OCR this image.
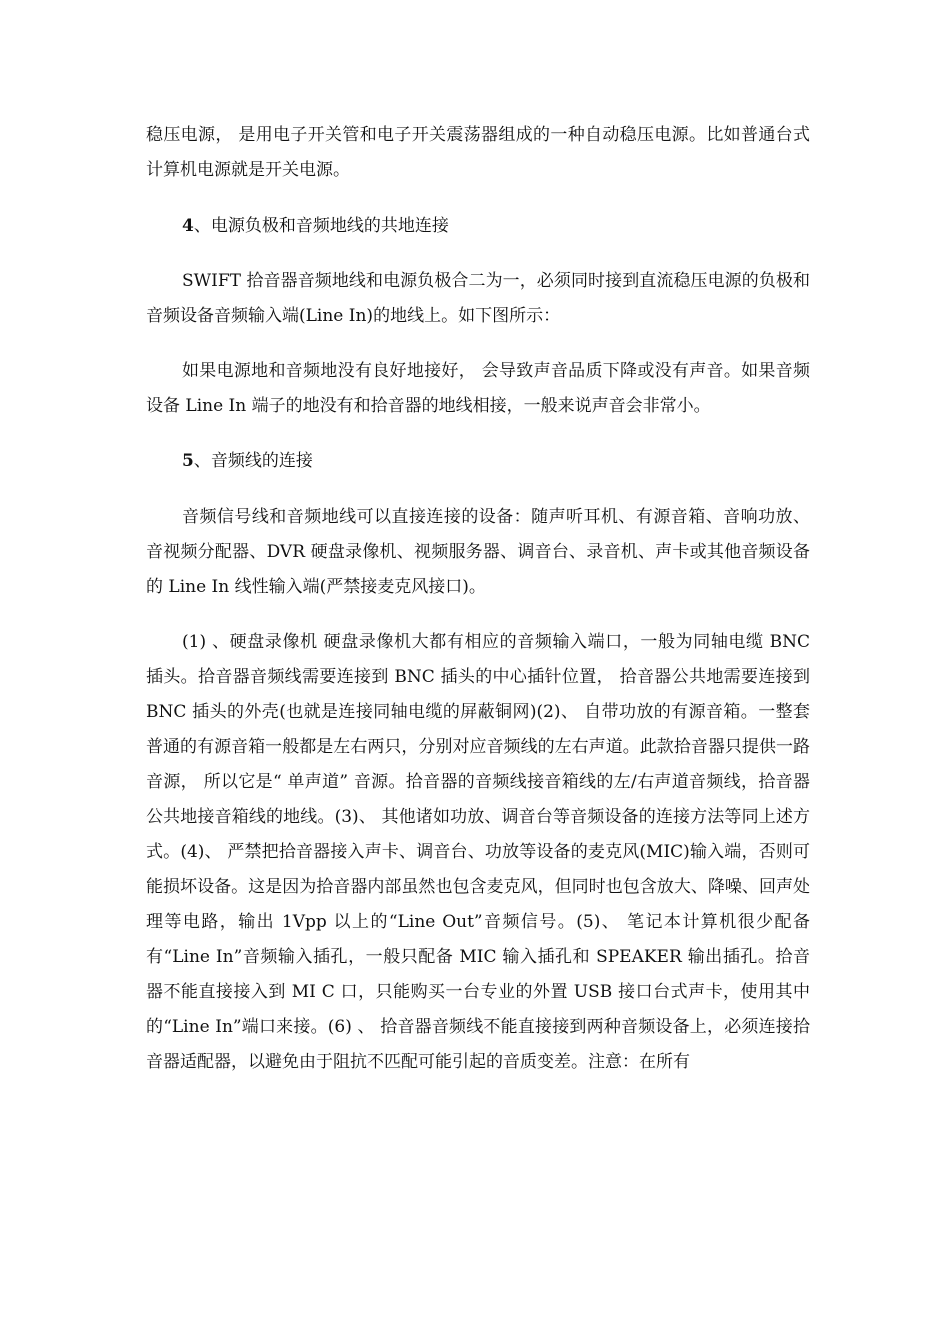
稳压电源， 是用电子开关管和电子开关震荡器组成的一种自动稳压电源。比如普通台式计算机电源就是开关电源。

4、电源负极和音频地线的共地连接

SWIFT 拾音器音频地线和电源负极合二为一，必须同时接到直流稳压电源的负极和音频设备音频输入端(Line In)的地线上。如下图所示：

如果电源地和音频地没有良好地接好， 会导致声音品质下降或没有声音。如果音频设备 Line In 端子的地没有和拾音器的地线相接，一般来说声音会非常小。

5、音频线的连接

音频信号线和音频地线可以直接连接的设备：随声听耳机、有源音箱、音响功放、音视频分配器、DVR 硬盘录像机、视频服务器、调音台、录音机、声卡或其他音频设备的 Line In 线性输入端(严禁接麦克风接口)。

(1) 、硬盘录像机 硬盘录像机大都有相应的音频输入端口，一般为同轴电缆 BNC 插头。拾音器音频线需要连接到 BNC 插头的中心插针位置， 拾音器公共地需要连接到 BNC 插头的外壳(也就是连接同轴电缆的屏蔽铜网)(2)、 自带功放的有源音箱。一整套普通的有源音箱一般都是左右两只，分别对应音频线的左右声道。此款拾音器只提供一路音源， 所以它是“ 单声道” 音源。拾音器的音频线接音箱线的左/右声道音频线，拾音器公共地接音箱线的地线。(3)、 其他诸如功放、调音台等音频设备的连接方法等同上述方式。(4)、 严禁把拾音器接入声卡、调音台、功放等设备的麦克风(MIC)输入端，否则可能损坏设备。这是因为拾音器内部虽然也包含麦克风，但同时也包含放大、降噪、回声处理等电路，输出 1Vpp 以上的“Line Out”音频信号。(5)、 笔记本计算机很少配备有“Line In”音频输入插孔，一般只配备 MIC 输入插孔和 SPEAKER 输出插孔。拾音器不能直接接入到 MI C 口，只能购买一台专业的外置 USB 接口台式声卡，使用其中的“Line In”端口来接。(6) 、 拾音器音频线不能直接接到两种音频设备上，必须连接拾音器适配器，以避免由于阻抗不匹配可能引起的音质变差。注意：在所有
